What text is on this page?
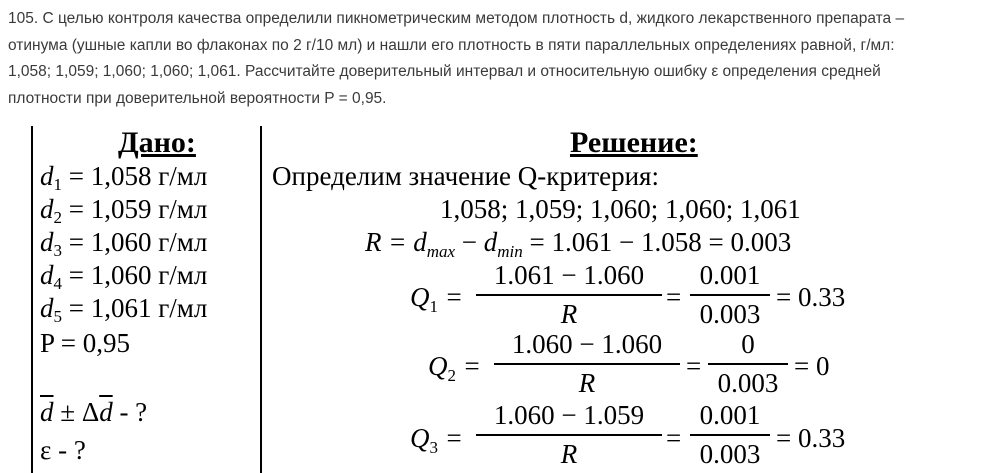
105. С целью контроля качества определили пикнометрическим методом плотность d, жидкого лекарственного препарата –
отинума (ушные капли во флаконах по 2 г/10 мл) и нашли его плотность в пяти параллельных определениях равной, г/мл:
1,058; 1,059; 1,060; 1,060; 1,061. Рассчитайте доверительный интервал и относительную ошибку ε определения средней
плотности при доверительной вероятности P = 0,95.
Дано:
$d_1 = 1,058$ г/мл
$d_2 = 1,059$ г/мл
$d_3 = 1,060$ г/мл
$d_4 = 1,060$ г/мл
$d_5 = 1,061$ г/мл
P = 0,95
$\overline{d} \pm \Delta\overline{d}$ - ?
ε - ?
Решение:
Определим значение Q-критерия:
1,058; 1,059; 1,060; 1,060; 1,061
$R = d_{max} - d_{min} = 1.061 - 1.058 = 0.003$
$Q_1$ =
1.061 − 1.060
R
=
0.001
0.003
= 0.33
$Q_2$ =
1.060 − 1.060
R
=
0
0.003
= 0
$Q_3$ =
1.060 − 1.059
R
=
0.001
0.003
= 0.33
